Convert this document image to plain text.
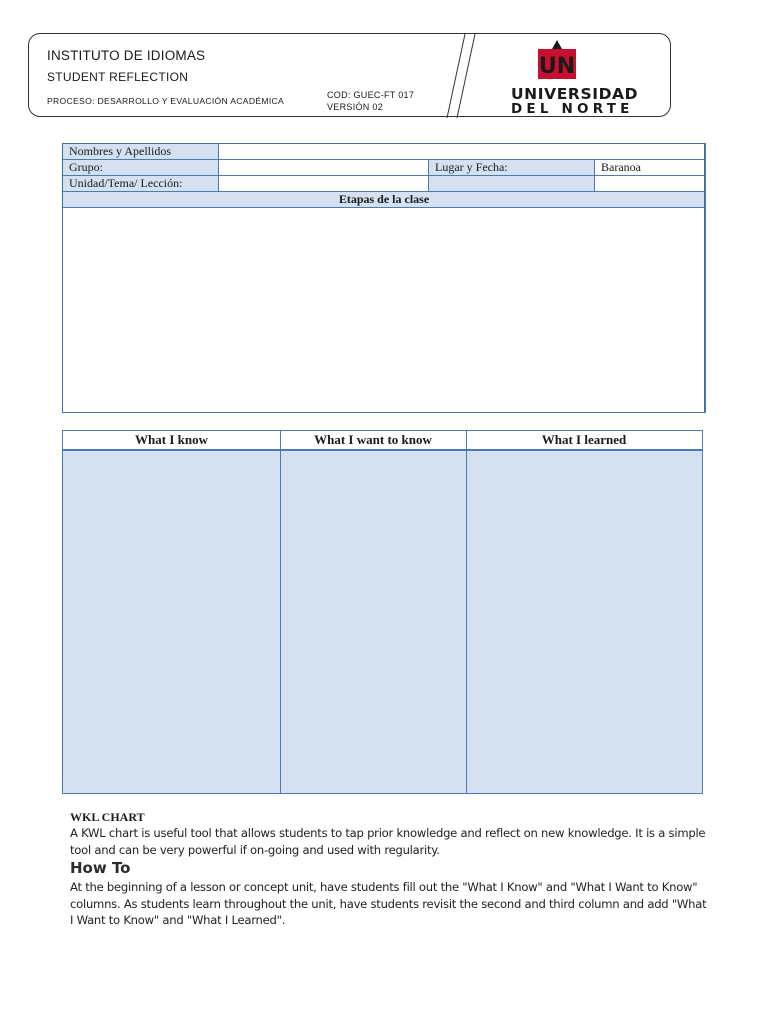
INSTITUTO DE IDIOMAS
STUDENT REFLECTION
PROCESO: DESARROLLO Y EVALUACIÓN ACADÉMICA
COD: GUEC-FT 017
VERSIÓN 02
UN
UNIVERSIDAD
DEL NORTE
Nombres y Apellidos			
Grupo:		Lugar y Fecha:	Baranoa
Unidad/Tema/ Lección:			
Etapas de la clase			

What I know	What I want to know	What I learned
WKL CHART
A KWL chart is useful tool that allows students to tap prior knowledge and reflect on new knowledge. It is a simple tool and can be very powerful if on-going and used with regularity.
How To
At the beginning of a lesson or concept unit, have students fill out the "What I Know" and "What I Want to Know" columns. As students learn throughout the unit, have students revisit the second and third column and add "What I Want to Know" and "What I Learned".
